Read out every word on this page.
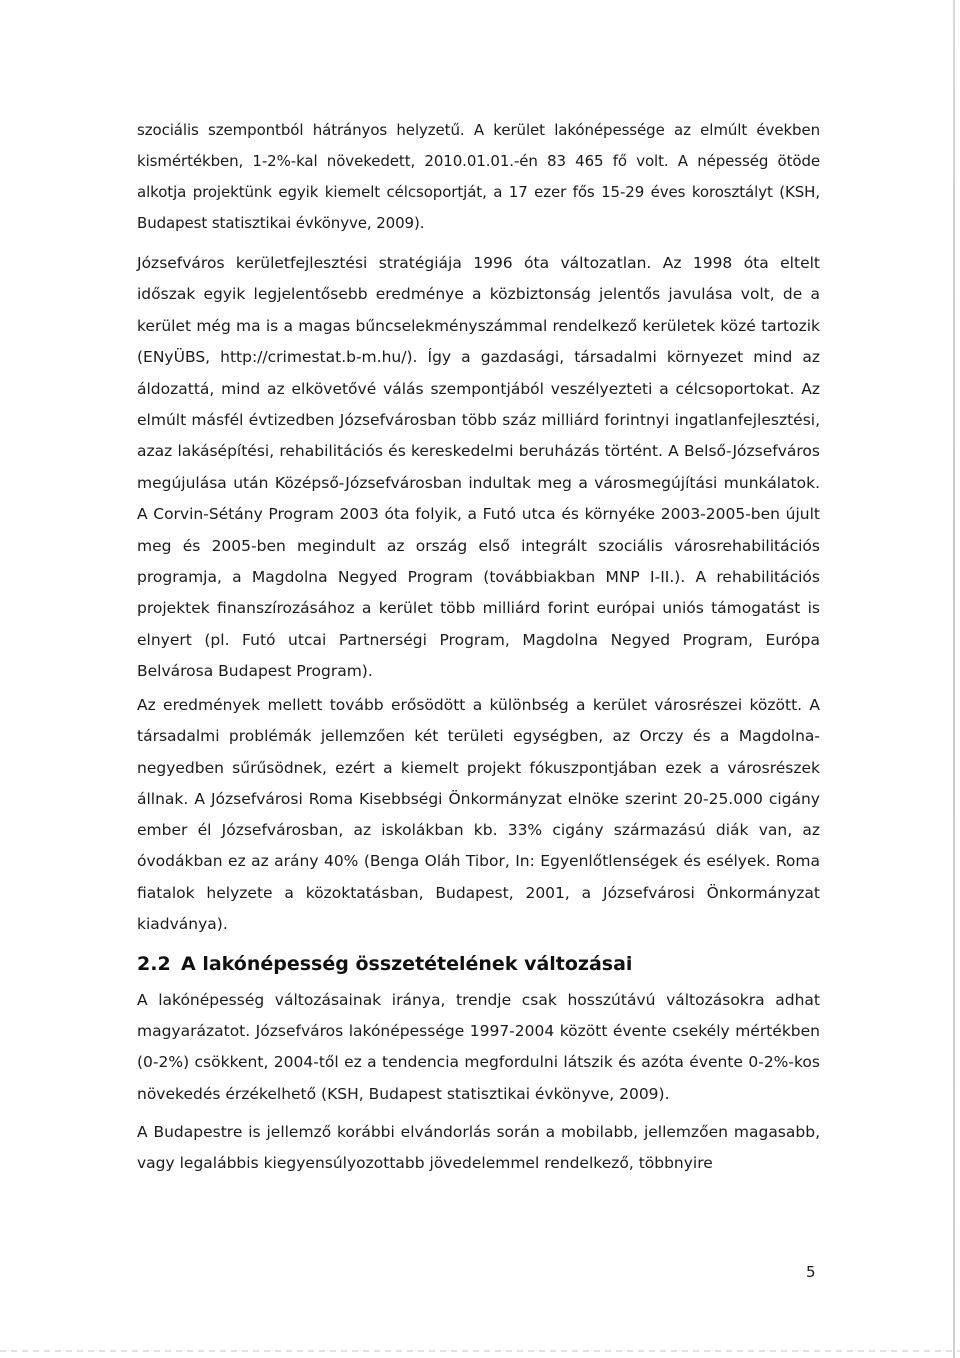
szociális szempontból hátrányos helyzetű. A kerület lakónépessége az elmúlt években kismértékben, 1-2%-kal növekedett, 2010.01.01.-én 83 465 fő volt. A népesség ötöde alkotja projektünk egyik kiemelt célcsoportját, a 17 ezer fős 15-29 éves korosztályt (KSH, Budapest statisztikai évkönyve, 2009).

Józsefváros kerületfejlesztési stratégiája 1996 óta változatlan. Az 1998 óta eltelt időszak egyik legjelentősebb eredménye a közbiztonság jelentős javulása volt, de a kerület még ma is a magas bűncselekményszámmal rendelkező kerületek közé tartozik (ENyÜBS, http://crimestat.b-m.hu/). Így a gazdasági, társadalmi környezet mind az áldozattá, mind az elkövetővé válás szempontjából veszélyezteti a célcsoportokat. Az elmúlt másfél évtizedben Józsefvárosban több száz milliárd forintnyi ingatlanfejlesztési, azaz lakásépítési, rehabilitációs és kereskedelmi beruházás történt. A Belső-Józsefváros megújulása után Középső-Józsefvárosban indultak meg a városmegújítási munkálatok. A Corvin-Sétány Program 2003 óta folyik, a Futó utca és környéke 2003-2005-ben újult meg és 2005-ben megindult az ország első integrált szociális városrehabilitációs programja, a Magdolna Negyed Program (továbbiakban MNP I-II.). A rehabilitációs projektek finanszírozásához a kerület több milliárd forint európai uniós támogatást is elnyert (pl. Futó utcai Partnerségi Program, Magdolna Negyed Program, Európa Belvárosa Budapest Program).

Az eredmények mellett tovább erősödött a különbség a kerület városrészei között. A társadalmi problémák jellemzően két területi egységben, az Orczy és a Magdolna-negyedben sűrűsödnek, ezért a kiemelt projekt fókuszpontjában ezek a városrészek állnak. A Józsefvárosi Roma Kisebbségi Önkormányzat elnöke szerint 20-25.000 cigány ember él Józsefvárosban, az iskolákban kb. 33% cigány származású diák van, az óvodákban ez az arány 40% (Benga Oláh Tibor, In: Egyenlőtlenségek és esélyek. Roma fiatalok helyzete a közoktatásban, Budapest, 2001, a Józsefvárosi Önkormányzat kiadványa).

2.2 A lakónépesség összetételének változásai

A lakónépesség változásainak iránya, trendje csak hosszútávú változásokra adhat magyarázatot. Józsefváros lakónépessége 1997-2004 között évente csekély mértékben (0-2%) csökkent, 2004-től ez a tendencia megfordulni látszik és azóta évente 0-2%-kos növekedés érzékelhető (KSH, Budapest statisztikai évkönyve, 2009).

A Budapestre is jellemző korábbi elvándorlás során a mobilabb, jellemzően magasabb, vagy legalábbis kiegyensúlyozottabb jövedelemmel rendelkező, többnyire

5
